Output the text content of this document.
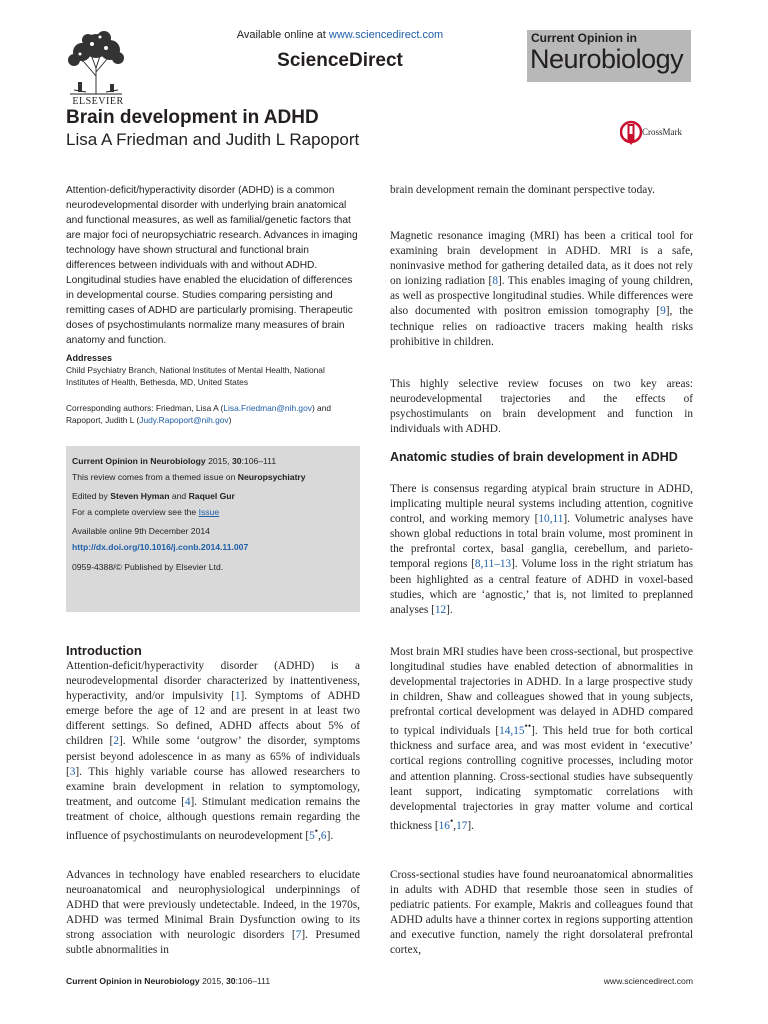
ELSEVIER
Available online at www.sciencedirect.com
ScienceDirect
Current Opinion in
Neurobiology
Brain development in ADHD
Lisa A Friedman and Judith L Rapoport	CrossMark
Attention-deficit/hyperactivity disorder (ADHD) is a common neurodevelopmental disorder with underlying brain anatomical and functional measures, as well as familial/genetic factors that are major foci of neuropsychiatric research. Advances in imaging technology have shown structural and functional brain differences between individuals with and without ADHD. Longitudinal studies have enabled the elucidation of differences in developmental course. Studies comparing persisting and remitting cases of ADHD are particularly promising. Therapeutic doses of psychostimulants normalize many measures of brain anatomy and function.
Addresses
Child Psychiatry Branch, National Institutes of Mental Health, National Institutes of Health, Bethesda, MD, United States
Corresponding authors: Friedman, Lisa A (Lisa.Friedman@nih.gov) and Rapoport, Judith L (Judy.Rapoport@nih.gov)
Current Opinion in Neurobiology 2015, 30:106–111
This review comes from a themed issue on Neuropsychiatry
Edited by Steven Hyman and Raquel Gur
For a complete overview see the Issue
Available online 9th December 2014
http://dx.doi.org/10.1016/j.conb.2014.11.007
0959-4388/© Published by Elsevier Ltd.
Introduction
Attention-deficit/hyperactivity disorder (ADHD) is a neurodevelopmental disorder characterized by inattentiveness, hyperactivity, and/or impulsivity [1]. Symptoms of ADHD emerge before the age of 12 and are present in at least two different settings. So defined, ADHD affects about 5% of children [2]. While some ‘outgrow’ the disorder, symptoms persist beyond adolescence in as many as 65% of individuals [3]. This highly variable course has allowed researchers to examine brain development in relation to symptomology, treatment, and outcome [4]. Stimulant medication remains the treatment of choice, although questions remain regarding the influence of psychostimulants on neurodevelopment [5•,6].
Advances in technology have enabled researchers to elucidate neuroanatomical and neurophysiological underpinnings of ADHD that were previously undetectable. Indeed, in the 1970s, ADHD was termed Minimal Brain Dysfunction owing to its strong association with neurologic disorders [7]. Presumed subtle abnormalities in
brain development remain the dominant perspective today.
Magnetic resonance imaging (MRI) has been a critical tool for examining brain development in ADHD. MRI is a safe, noninvasive method for gathering detailed data, as it does not rely on ionizing radiation [8]. This enables imaging of young children, as well as prospective longitudinal studies. While differences were also documented with positron emission tomography [9], the technique relies on radioactive tracers making health risks prohibitive in children.
This highly selective review focuses on two key areas: neurodevelopmental trajectories and the effects of psychostimulants on brain development and function in individuals with ADHD.
Anatomic studies of brain development in ADHD
There is consensus regarding atypical brain structure in ADHD, implicating multiple neural systems including attention, cognitive control, and working memory [10,11]. Volumetric analyses have shown global reductions in total brain volume, most prominent in the prefrontal cortex, basal ganglia, cerebellum, and parieto-temporal regions [8,11–13]. Volume loss in the right striatum has been highlighted as a central feature of ADHD in voxel-based studies, which are ‘agnostic,’ that is, not limited to preplanned analyses [12].
Most brain MRI studies have been cross-sectional, but prospective longitudinal studies have enabled detection of abnormalities in developmental trajectories in ADHD. In a large prospective study in children, Shaw and colleagues showed that in young subjects, prefrontal cortical development was delayed in ADHD compared to typical individuals [14,15••]. This held true for both cortical thickness and surface area, and was most evident in ‘executive’ cortical regions controlling cognitive processes, including motor and attention planning. Cross-sectional studies have subsequently leant support, indicating symptomatic correlations with developmental trajectories in gray matter volume and cortical thickness [16•,17].
Cross-sectional studies have found neuroanatomical abnormalities in adults with ADHD that resemble those seen in studies of pediatric patients. For example, Makris and colleagues found that ADHD adults have a thinner cortex in regions supporting attention and executive function, namely the right dorsolateral prefrontal cortex,
Current Opinion in Neurobiology 2015, 30:106–111	www.sciencedirect.com
